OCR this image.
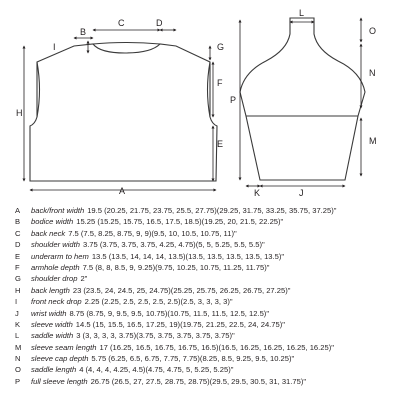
B
C	D
I	G
F
E
H
A
L
O
N
M
P
K	J
A	back/front width 19.5 (20.25, 21.75, 23.75, 25.5, 27.75)(29.25, 31.75, 33.25, 35.75, 37.25)"
B	bodice width 15.25 (15.25, 15.75, 16.5, 17.5, 18.5)(19.25, 20, 21.5, 22.25)"
C	back neck 7.5 (7.5, 8.25, 8.75, 9, 9)(9.5, 10, 10.5, 10.75, 11)"
D	shoulder width 3.75 (3.75, 3.75, 3.75, 4.25, 4.75)(5, 5, 5.25, 5.5, 5.5)"
E	underarm to hem 13.5 (13.5, 14, 14, 14, 13.5)(13.5, 13.5, 13.5, 13.5, 13.5)"
F	armhole depth 7.5 (8, 8, 8.5, 9, 9.25)(9.75, 10.25, 10.75, 11.25, 11.75)"
G	shoulder drop 2"
H	back length 23 (23.5, 24, 24.5, 25, 24.75)(25.25, 25.75, 26.25, 26.75, 27.25)"
I	front neck drop 2.25 (2.25, 2.5, 2.5, 2.5, 2.5)(2.5, 3, 3, 3, 3)"
J	wrist width 8.75 (8.75, 9, 9.5, 9.5, 10.75)(10.75, 11.5, 11.5, 12.5, 12.5)"
K	sleeve width 14.5 (15, 15.5, 16.5, 17.25, 19)(19.75, 21.25, 22.5, 24, 24.75)"
L	saddle width 3 (3, 3, 3, 3, 3.75)(3.75, 3.75, 3.75, 3.75, 3.75)"
M	sleeve seam length 17 (16.25, 16.5, 16.75, 16.75, 16.5)(16.5, 16.25, 16.25, 16.25, 16.25)"
N	sleeve cap depth 5.75 (6.25, 6.5, 6.75, 7.75, 7.75)(8.25, 8.5, 9.25, 9.5, 10.25)"
O	saddle length 4 (4, 4, 4, 4.25, 4.5)(4.75, 4.75, 5, 5.25, 5.25)"
P	full sleeve length 26.75 (26.5, 27, 27.5, 28.75, 28.75)(29.5, 29.5, 30.5, 31, 31.75)"
